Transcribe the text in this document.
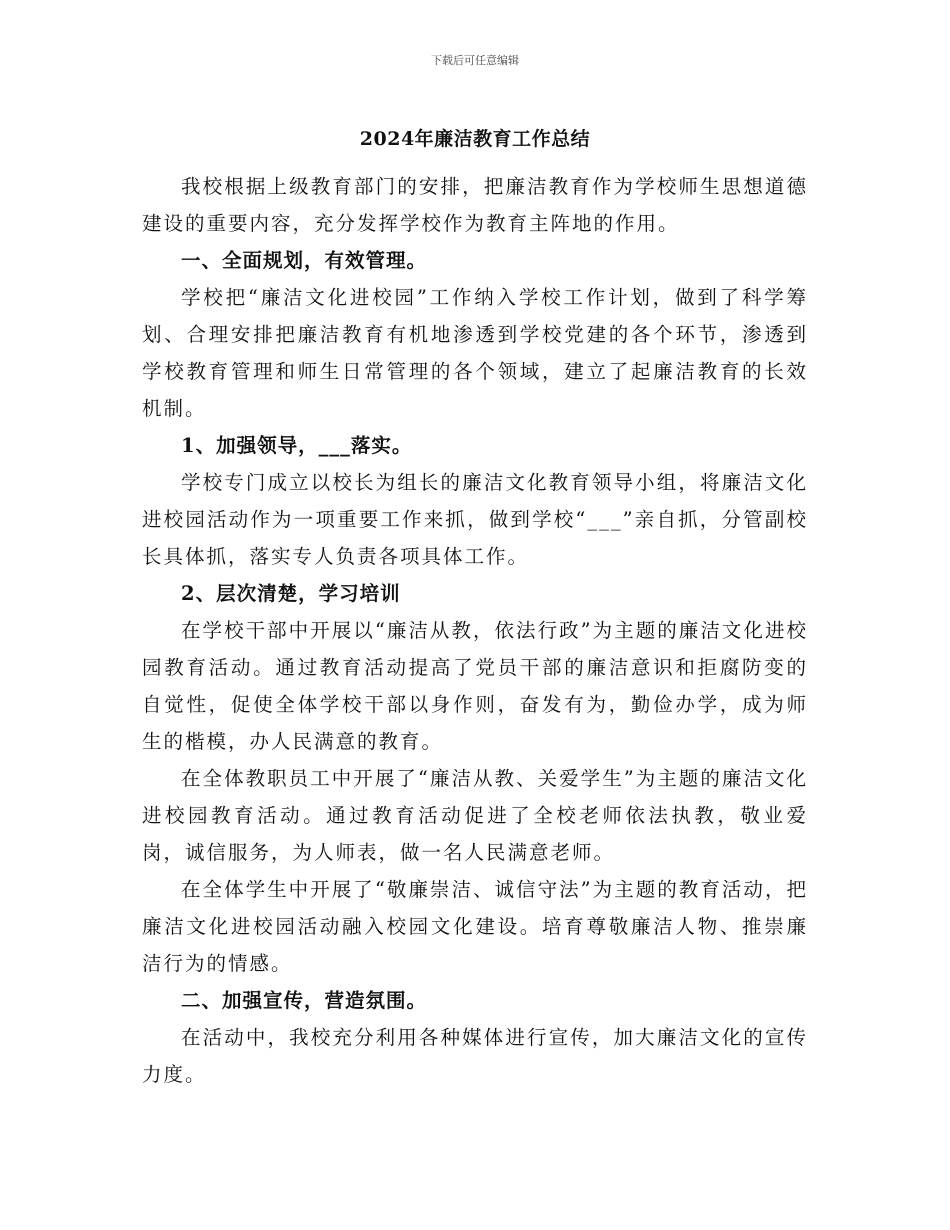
下载后可任意编辑
2024年廉洁教育工作总结

我校根据上级教育部门的安排，把廉洁教育作为学校师生思想道德建设的重要内容，充分发挥学校作为教育主阵地的作用。

一、全面规划，有效管理。

学校把“廉洁文化进校园”工作纳入学校工作计划，做到了科学筹划、合理安排把廉洁教育有机地渗透到学校党建的各个环节，渗透到学校教育管理和师生日常管理的各个领域，建立了起廉洁教育的长效机制。

1、加强领导，___落实。

学校专门成立以校长为组长的廉洁文化教育领导小组，将廉洁文化进校园活动作为一项重要工作来抓，做到学校“___”亲自抓，分管副校长具体抓，落实专人负责各项具体工作。

2、层次清楚，学习培训

在学校干部中开展以“廉洁从教，依法行政”为主题的廉洁文化进校园教育活动。通过教育活动提高了党员干部的廉洁意识和拒腐防变的自觉性，促使全体学校干部以身作则，奋发有为，勤俭办学，成为师生的楷模，办人民满意的教育。

在全体教职员工中开展了“廉洁从教、关爱学生”为主题的廉洁文化进校园教育活动。通过教育活动促进了全校老师依法执教，敬业爱岗，诚信服务，为人师表，做一名人民满意老师。

在全体学生中开展了“敬廉崇洁、诚信守法”为主题的教育活动，把廉洁文化进校园活动融入校园文化建设。培育尊敬廉洁人物、推崇廉洁行为的情感。

二、加强宣传，营造氛围。

在活动中，我校充分利用各种媒体进行宣传，加大廉洁文化的宣传力度。
